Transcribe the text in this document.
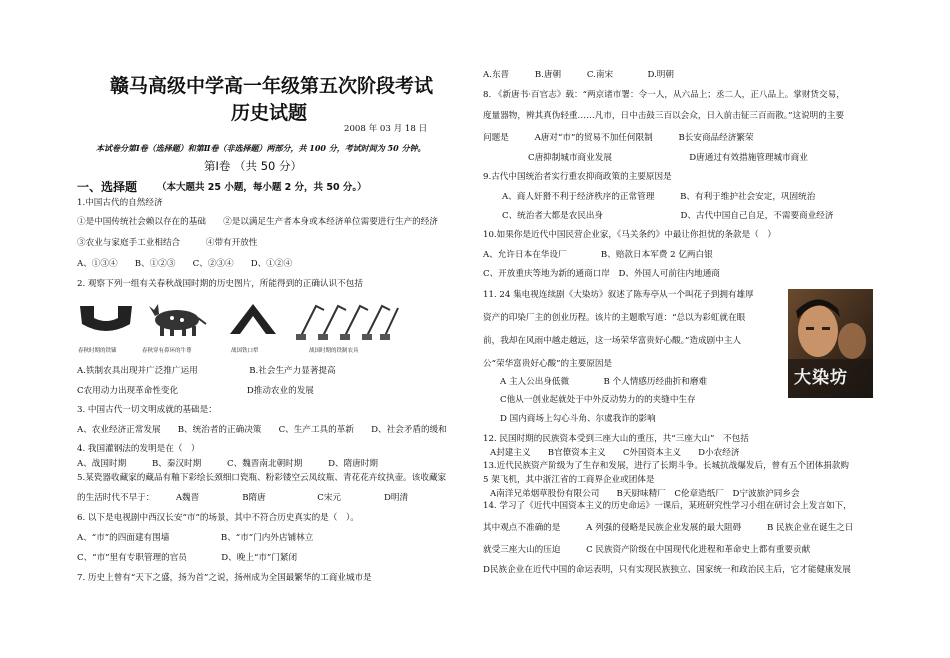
赣马高级中学高一年级第五次阶段考试
历史试题
2008 年 03 月 18 日
本试卷分第Ⅰ卷（选择题）和第Ⅱ卷（非选择题）两部分，共 100 分，考试时间为 50 分钟。
第Ⅰ卷 （共 50 分）
一、选择题 （本大题共 25 小题，每小题 2 分，共 50 分。）
1.中国古代的自然经济
①是中国传统社会赖以存在的基础　　②是以满足生产者本身或本经济单位需要进行生产的经济
③农业与家庭手工业相结合　　　④带有开放性
A、①③④　　B、①②③　　C、②③④　　D、①②④
2. 观察下列一组有关春秋战国时期的历史图片，所能得到的正确认识不包括
春秋时期的铁锸	春秋穿有鼻环的牛尊	战国铁口犁	战国时期的铁制农具
A.铁制农具出现并广泛推广运用　　　　　　B.社会生产力显著提高
C农用动力出现革命性变化　　　　　　　　D推动农业的发展
3. 中国古代一切文明成就的基础是：
A、农业经济正常发展　　B、统治者的正确决策　　C、生产工具的革新　　D、社会矛盾的缓和
4. 我国灌钢法的发明是在（　）
A、战国时期　　　B、秦汉时期　　　C、魏晋南北朝时期　　　D、隋唐时期
5.某瓷器收藏家的藏品有釉下彩绘长颈细口瓷瓶、粉彩镂空云凤纹瓶、青花花卉纹执壶。该收藏家
的生活时代不早于：　　　A魏晋　　　　　B隋唐　　　　　　C宋元　　　　　D明清
6. 以下是电视剧中西汉长安“市”的场景，其中不符合历史真实的是（　）。
A、“市”的四面建有围墙　　　　　　B、“市”门内外店铺林立
C、“市”里有专职管理的官员　　　　D、晚上“市”门紧闭
7. 历史上曾有“天下之盛，扬为首”之说，扬州成为全国最繁华的工商业城市是
A.东晋　　　B.唐朝　　　C.南宋　　　　D.明朝
8. 《新唐书·百官志》载：“两京诸市署：令一人，从六品上；丞二人，正八品上。掌财货交易，
度量器物，辨其真伪轻重……凡市，日中击鼓三百以会众，日入前击钲三百而散。”这说明的主要
问题是　　　A唐对“市”的贸易不加任何限制　　　B长安商品经济繁荣
C唐抑制城市商业发展　　　　　　　　　D唐通过有效措施管理城市商业
9.古代中国统治者实行重农抑商政策的主要原因是
A、商人奸猾不利于经济秩序的正常管理　　　B、有利于维护社会安定，巩固统治
C、统治者大都是农民出身　　　　　　　　　D、古代中国自己自足，不需要商业经济
10.如果你是近代中国民营企业家，《马关条约》中最让你担忧的条款是（　）
A、允许日本在华设厂　　　　B、赔款日本军费 2 亿两白银
C、开放重庆等地为新的通商口岸　D、外国人可前往内地通商
11. 24 集电视连续剧《大染坊》叙述了陈寿亭从一个叫花子到拥有雄厚
资产的印染厂主的创业历程。该片的主题歌写道：“总以为彩虹就在眼
前，我却在风雨中越走越远，这一场荣华富贵好心酸。”造成剧中主人
公“荣华富贵好心酸”的主要原因是
A 主人公出身低微　　　　B 个人情感历经曲折和磨难
C他从一创业起就处于中外反动势力的的夹缝中生存
D 国内商场上勾心斗角、尔虞我诈的影响
大染坊
12. 民国时期的民族资本受到三座大山的重压，共“三座大山”　不包括
A封建主义　　B官僚资本主义　　C外国资本主义　　D小农经济
13.近代民族资产阶级为了生存和发展，进行了长期斗争。长城抗战爆发后，曾有五个团体捐款购
5 架飞机，其中浙江省的工商界企业或团体是
A南洋兄弟烟草股份有限公司　　B天厨味精厂　C伦章造纸厂　D宁波旅沪同乡会
14. 学习了《近代中国资本主义的历史命运》一课后，某班研究性学习小组在研讨会上发言如下，
其中观点不准确的是　　　A 列强的侵略是民族企业发展的最大阻碍　　　B 民族企业在诞生之日
就受三座大山的压迫　　　C 民族资产阶级在中国现代化进程和革命史上都有重要贡献
D民族企业在近代中国的命运表明，只有实现民族独立、国家统一和政治民主后，它才能健康发展
